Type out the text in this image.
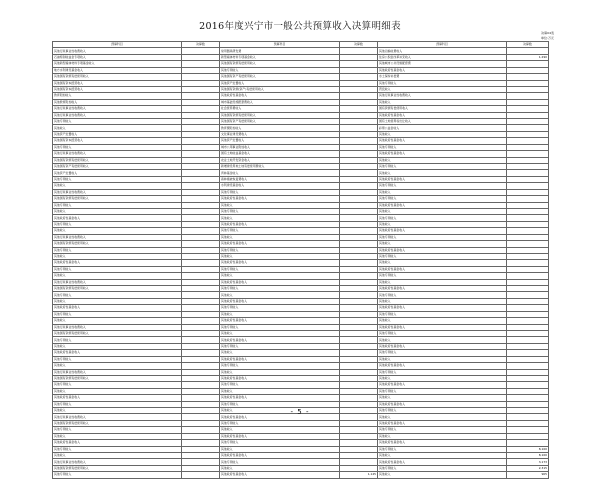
2016年度兴宁市一般公共预算收入决算明细表
决算04表
单位:万元
预算科目	决算数	预算科目	决算数	预算科目	决算数
其他行政事业性收费收入		常用器具研发费		其他运输收费收入	
石油特别收益金专项收入		新型墙体材料专项基金收入		住房公积金改革补充收入	1,290
其他新型墙体材料专项基金收入		其他国有资源有偿使用收入		其他城市公共设施配套费	
地方水利建设基金收入		其他专项收入		其他政府性基金收入	
其他国有资源有偿使用收入		其他国有资产有偿使用收入		水土保持补偿费	
其他国有资本经营收入		其他资产处置收入		其他专项收入	
其他国有资本经营收入		其他国有资源(资产)有偿使用收入		罚没收入	
教育附加收入		其他政府性基金收入		其他行政事业性收费收入	
其他教育附加收入		城市基础设施配套费收入		其他收入	
其他行政事业性收费收入		社会抚养费收入		国有资源有偿使用收入	
其他行政事业性收费收入		其他国有资源有偿使用收入		其他政府性基金收入	
其他专项收入		其他国有资产有偿使用收入		国有土地使用权出让收入	
其他收入		教育费附加收入		彩票公益金收入	
其他资产处置收入		文化事业建设费收入		其他收入	
其他国有资本经营收入		其他资产处置收入		其他政府性基金收入	
其他专项收入		城市公用事业附加收入		其他专项收入	
其他行政事业性收费收入		国有土地收益基金收入		其他政府性基金收入	
其他国有资源有偿使用收入		农业土地开发资金收入		其他收入	
其他国有资产有偿使用收入		新增建设用地土地有偿使用费收入		其他专项收入	
其他资产处置收入		育林基金收入		其他收入	
其他专项收入		森林植被恢复费收入		其他政府性基金收入	
其他收入		水利建设基金收入		其他专项收入	
其他行政事业性收费收入		其他专项收入		其他收入	
其他国有资源有偿使用收入		其他政府性基金收入		其他专项收入	
其他专项收入		其他收入		其他政府性基金收入	
其他收入		其他专项收入		其他收入	
其他政府性基金收入		其他收入		其他专项收入	
其他专项收入		其他政府性基金收入		其他收入	
其他收入		其他专项收入		其他政府性基金收入	
其他行政事业性收费收入		其他收入		其他专项收入	
其他国有资源有偿使用收入		其他政府性基金收入		其他收入	
其他专项收入		其他专项收入		其他政府性基金收入	
其他收入		其他收入		其他专项收入	
其他政府性基金收入		其他政府性基金收入		其他收入	
其他专项收入		其他专项收入		其他政府性基金收入	
其他收入		其他收入		其他专项收入	
其他行政事业性收费收入		其他政府性基金收入		其他收入	
其他国有资源有偿使用收入		其他专项收入		其他政府性基金收入	
其他专项收入		其他收入		其他专项收入	
其他收入		其他政府性基金收入		其他收入	
其他政府性基金收入		其他专项收入		其他政府性基金收入	
其他专项收入		其他收入		其他专项收入	
其他收入		其他政府性基金收入		其他收入	
其他行政事业性收费收入		其他专项收入		其他政府性基金收入	
其他国有资源有偿使用收入		其他收入		其他专项收入	
其他专项收入		其他政府性基金收入		其他收入	
其他收入		其他专项收入		其他政府性基金收入	
其他政府性基金收入		其他收入		其他专项收入	
其他专项收入		其他政府性基金收入		其他收入	
其他收入		其他专项收入		其他政府性基金收入	
其他行政事业性收费收入		其他收入		其他专项收入	
其他国有资源有偿使用收入		其他政府性基金收入		其他收入	
其他专项收入		其他专项收入		其他政府性基金收入	
其他收入		其他收入		其他专项收入	
其他政府性基金收入		其他政府性基金收入		其他收入	
其他专项收入		其他专项收入		其他政府性基金收入	
其他收入		其他收入		其他专项收入	
其他行政事业性收费收入		其他政府性基金收入		其他收入	
其他国有资源有偿使用收入		其他专项收入		其他政府性基金收入	
其他专项收入		其他收入		其他专项收入	
其他收入		其他政府性基金收入		其他收入	
其他政府性基金收入		其他专项收入		其他政府性基金收入	
其他专项收入		其他收入		其他专项收入	8,100
其他收入		其他政府性基金收入		其他收入	8,100
其他行政事业性收费收入		其他专项收入		其他政府性基金收入	3,173
其他国有资源有偿使用收入		其他收入		其他专项收入	2,315
其他专项收入		其他政府性基金收入	1,145	其他收入	965
- 5 -
